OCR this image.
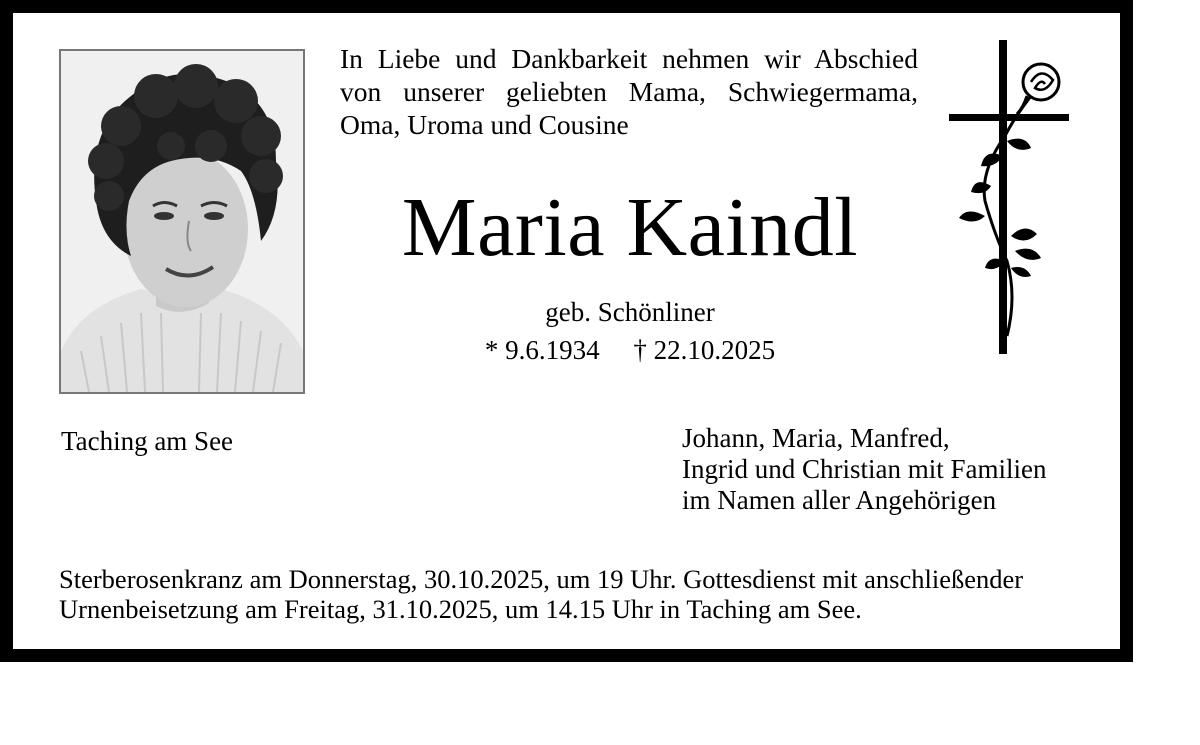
In Liebe und Dankbarkeit nehmen wir Abschied
von unserer geliebten Mama, Schwiegermama,
Oma, Uroma und Cousine
Maria Kaindl
geb. Schönliner
* 9.6.1934     † 22.10.2025
Taching am See	Johann, Maria, Manfred,
Ingrid und Christian mit Familien
im Namen aller Angehörigen
Sterberosenkranz am Donnerstag, 30.10.2025, um 19 Uhr. Gottesdienst mit anschließender
Urnenbeisetzung am Freitag, 31.10.2025, um 14.15 Uhr in Taching am See.
